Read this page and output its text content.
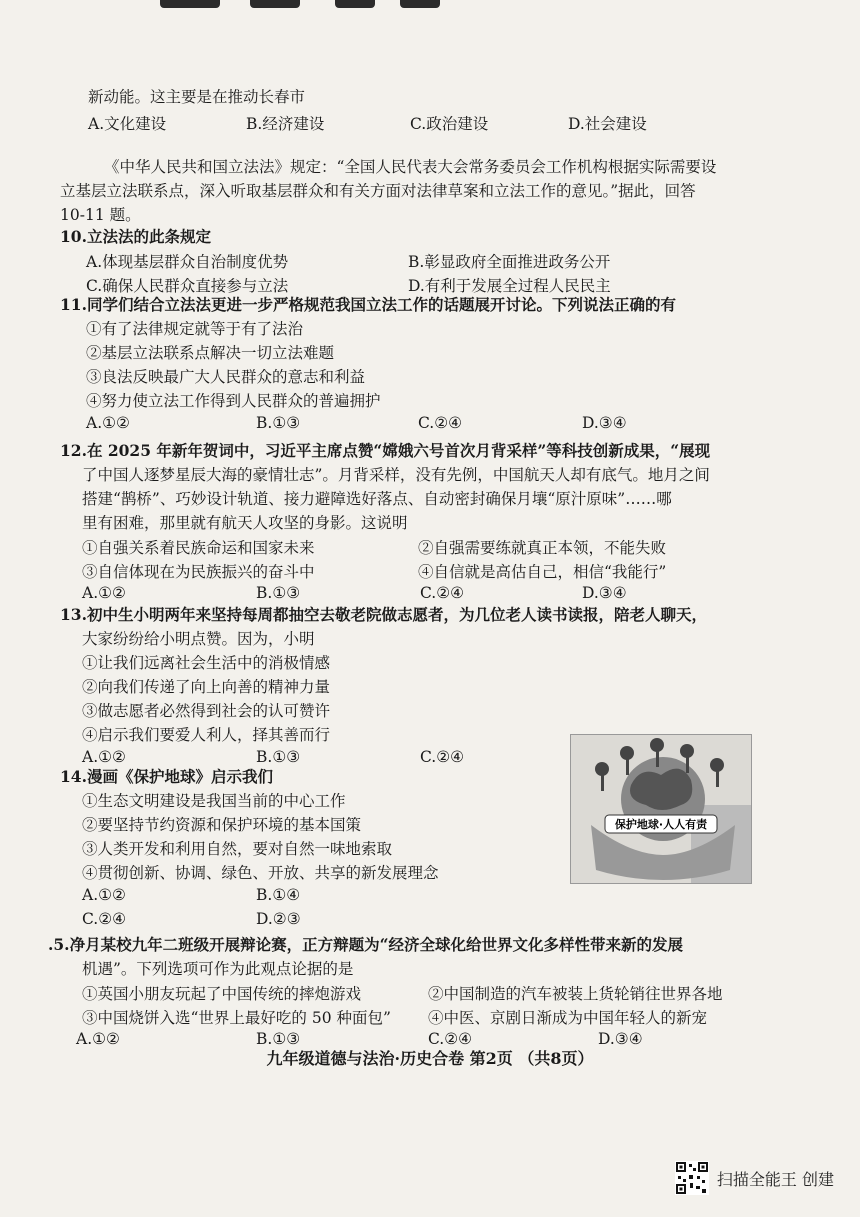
新动能。这主要是在推动长春市
《中华人民共和国立法法》规定：“全国人民代表大会常务委员会工作机构根据实际需要设
立基层立法联系点，深入听取基层群众和有关方面对法律草案和立法工作的意见。”据此，回答
10-11 题。
10.立法法的此条规定
11.同学们结合立法法更进一步严格规范我国立法工作的话题展开讨论。下列说法正确的有
①有了法律规定就等于有了法治
②基层立法联系点解决一切立法难题
③良法反映最广大人民群众的意志和利益
④努力使立法工作得到人民群众的普遍拥护
12.在 2025 年新年贺词中，习近平主席点赞“嫦娥六号首次月背采样”等科技创新成果，“展现
了中国人逐梦星辰大海的豪情壮志”。月背采样，没有先例，中国航天人却有底气。地月之间
搭建“鹊桥”、巧妙设计轨道、接力避障选好落点、自动密封确保月壤“原汁原味”……哪
里有困难，那里就有航天人攻坚的身影。这说明
13.初中生小明两年来坚持每周都抽空去敬老院做志愿者，为几位老人读书读报，陪老人聊天，
大家纷纷给小明点赞。因为，小明
①让我们远离社会生活中的消极情感
②向我们传递了向上向善的精神力量
③做志愿者必然得到社会的认可赞许
④启示我们要爱人利人，择其善而行
14.漫画《保护地球》启示我们
①生态文明建设是我国当前的中心工作
②要坚持节约资源和保护环境的基本国策
③人类开发和利用自然，要对自然一味地索取
④贯彻创新、协调、绿色、开放、共享的新发展理念
.5.净月某校九年二班级开展辩论赛，正方辩题为“经济全球化给世界文化多样性带来新的发展
机遇”。下列选项可作为此观点论据的是
A.文化建设	B.经济建设	C.政治建设	D.社会建设
A.体现基层群众自治制度优势	B.彰显政府全面推进政务公开
C.确保人民群众直接参与立法	D.有利于发展全过程人民民主
A.①②	B.①③	C.②④	D.③④
①自强关系着民族命运和国家未来	②自强需要练就真正本领，不能失败
③自信体现在为民族振兴的奋斗中	④自信就是高估自己，相信“我能行”
A.①②	B.①③	C.②④	D.③④
A.①②	B.①③	C.②④
A.①②	B.①④
C.②④	D.②③
①英国小朋友玩起了中国传统的摔炮游戏	②中国制造的汽车被装上货轮销往世界各地
③中国烧饼入选“世界上最好吃的 50 种面包” ④中医、京剧日渐成为中国年轻人的新宠
A.①②	B.①③	C.②④	D.③④
保护地球·人人有责
九年级道德与法治·历史合卷 第2页 （共8页）
扫描全能王 创建
